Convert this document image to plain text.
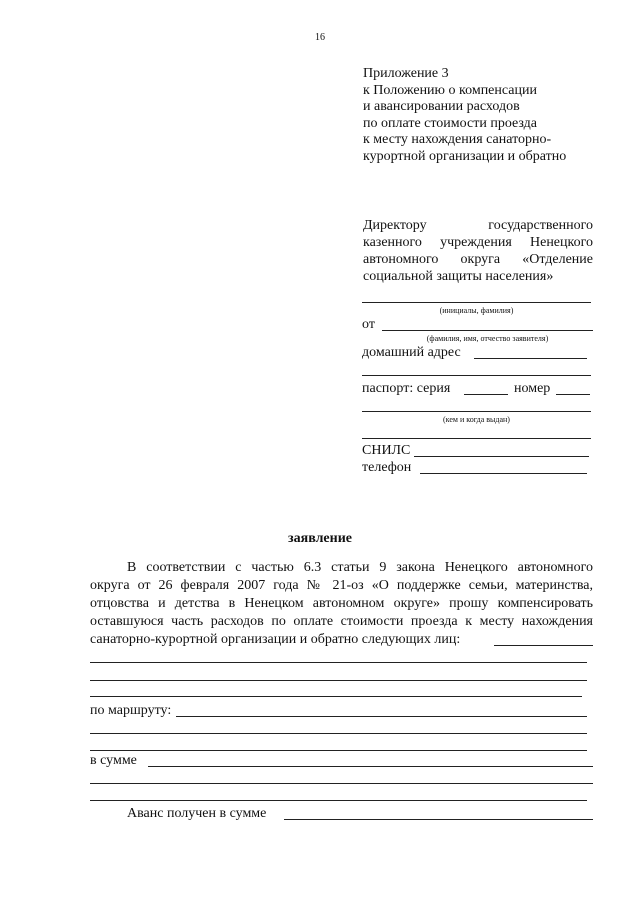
16
Приложение 3
к Положению о компенсации
и авансировании расходов
по оплате стоимости проезда
к месту нахождения санаторно-
курортной организации и обратно
Директору государственного
казенного учреждения Ненецкого
автономного округа «Отделение
социальной защиты населения»
(инициалы, фамилия)
от
(фамилия, имя, отчество заявителя)
домашний адрес
паспорт: серия	номер
(кем и когда выдан)
СНИЛС
телефон
заявление
В соответствии с частью 6.3 статьи 9 закона Ненецкого автономного
округа от 26 февраля 2007 года № 21-оз «О поддержке семьи, материнства,
отцовства и детства в Ненецком автономном округе» прошу компенсировать
оставшуюся часть расходов по оплате стоимости проезда к месту нахождения
санаторно-курортной организации и обратно следующих лиц:
по маршруту:
в сумме
Аванс получен в сумме
